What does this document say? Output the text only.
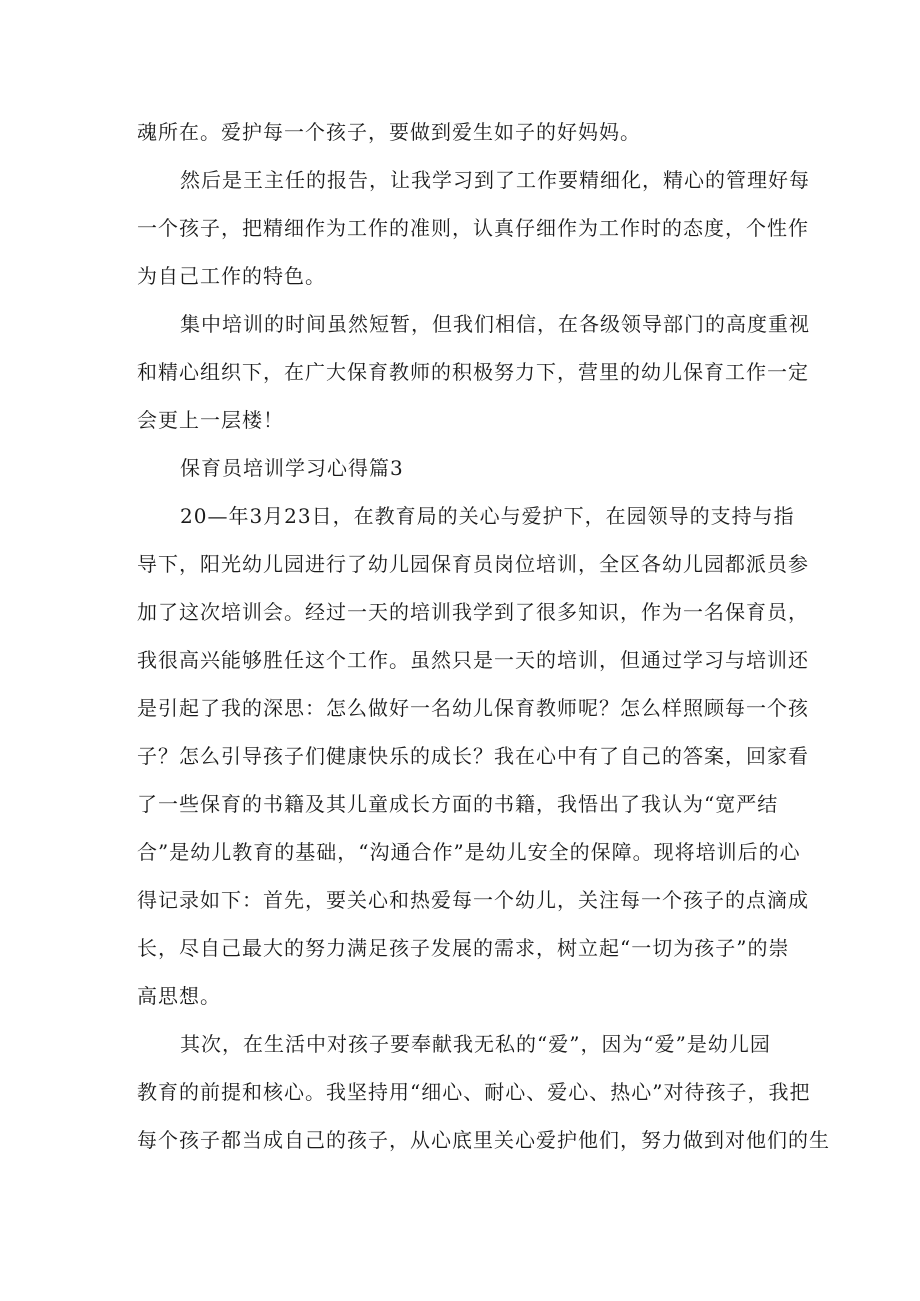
魂所在。爱护每一个孩子，要做到爱生如子的好妈妈。
然后是王主任的报告，让我学习到了工作要精细化，精心的管理好每
一个孩子，把精细作为工作的准则，认真仔细作为工作时的态度，个性作
为自己工作的特色。
集中培训的时间虽然短暂，但我们相信，在各级领导部门的高度重视
和精心组织下，在广大保育教师的积极努力下，营里的幼儿保育工作一定
会更上一层楼！
保育员培训学习心得篇3
20—年3月23日，在教育局的关心与爱护下，在园领导的支持与指
导下，阳光幼儿园进行了幼儿园保育员岗位培训，全区各幼儿园都派员参
加了这次培训会。经过一天的培训我学到了很多知识，作为一名保育员，
我很高兴能够胜任这个工作。虽然只是一天的培训，但通过学习与培训还
是引起了我的深思：怎么做好一名幼儿保育教师呢？怎么样照顾每一个孩
子？怎么引导孩子们健康快乐的成长？我在心中有了自己的答案，回家看
了一些保育的书籍及其儿童成长方面的书籍，我悟出了我认为“宽严结
合”是幼儿教育的基础，“沟通合作”是幼儿安全的保障。现将培训后的心
得记录如下：首先，要关心和热爱每一个幼儿，关注每一个孩子的点滴成
长，尽自己最大的努力满足孩子发展的需求，树立起“一切为孩子”的崇
高思想。
其次，在生活中对孩子要奉献我无私的“爱”，因为“爱”是幼儿园
教育的前提和核心。我坚持用“细心、耐心、爱心、热心”对待孩子，我把
每个孩子都当成自己的孩子，从心底里关心爱护他们，努力做到对他们的生
